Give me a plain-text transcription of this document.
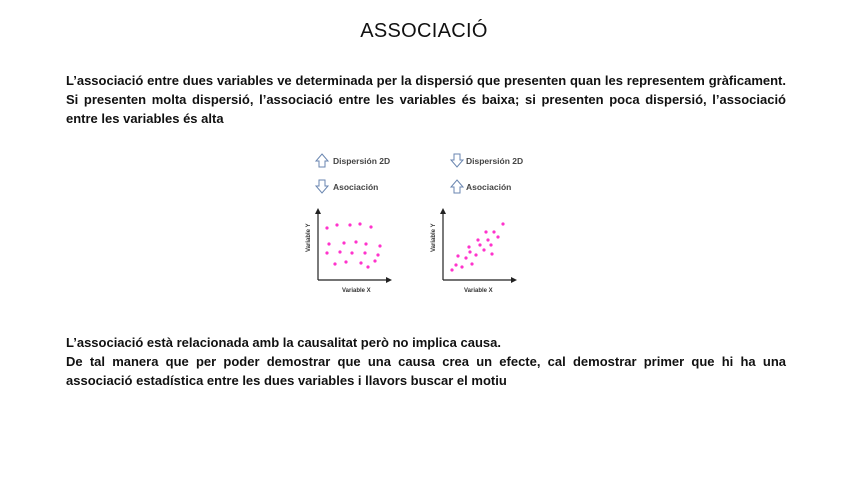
ASSOCIACIÓ
L’associació entre dues variables ve determinada per la dispersió que presenten quan les representem gràficament. Si presenten molta dispersió, l’associació entre les variables és baixa; si presenten poca dispersió, l’associació entre les variables és alta
Dispersión 2D
Asociación
Dispersión 2D
Asociación
Variable X
Variable Y
Variable X
Variable Y
L’associació està relacionada amb la causalitat però no implica causa.
De tal manera que per poder demostrar que una causa crea un efecte, cal demostrar primer que hi ha una associació estadística entre les dues variables i llavors buscar el motiu
